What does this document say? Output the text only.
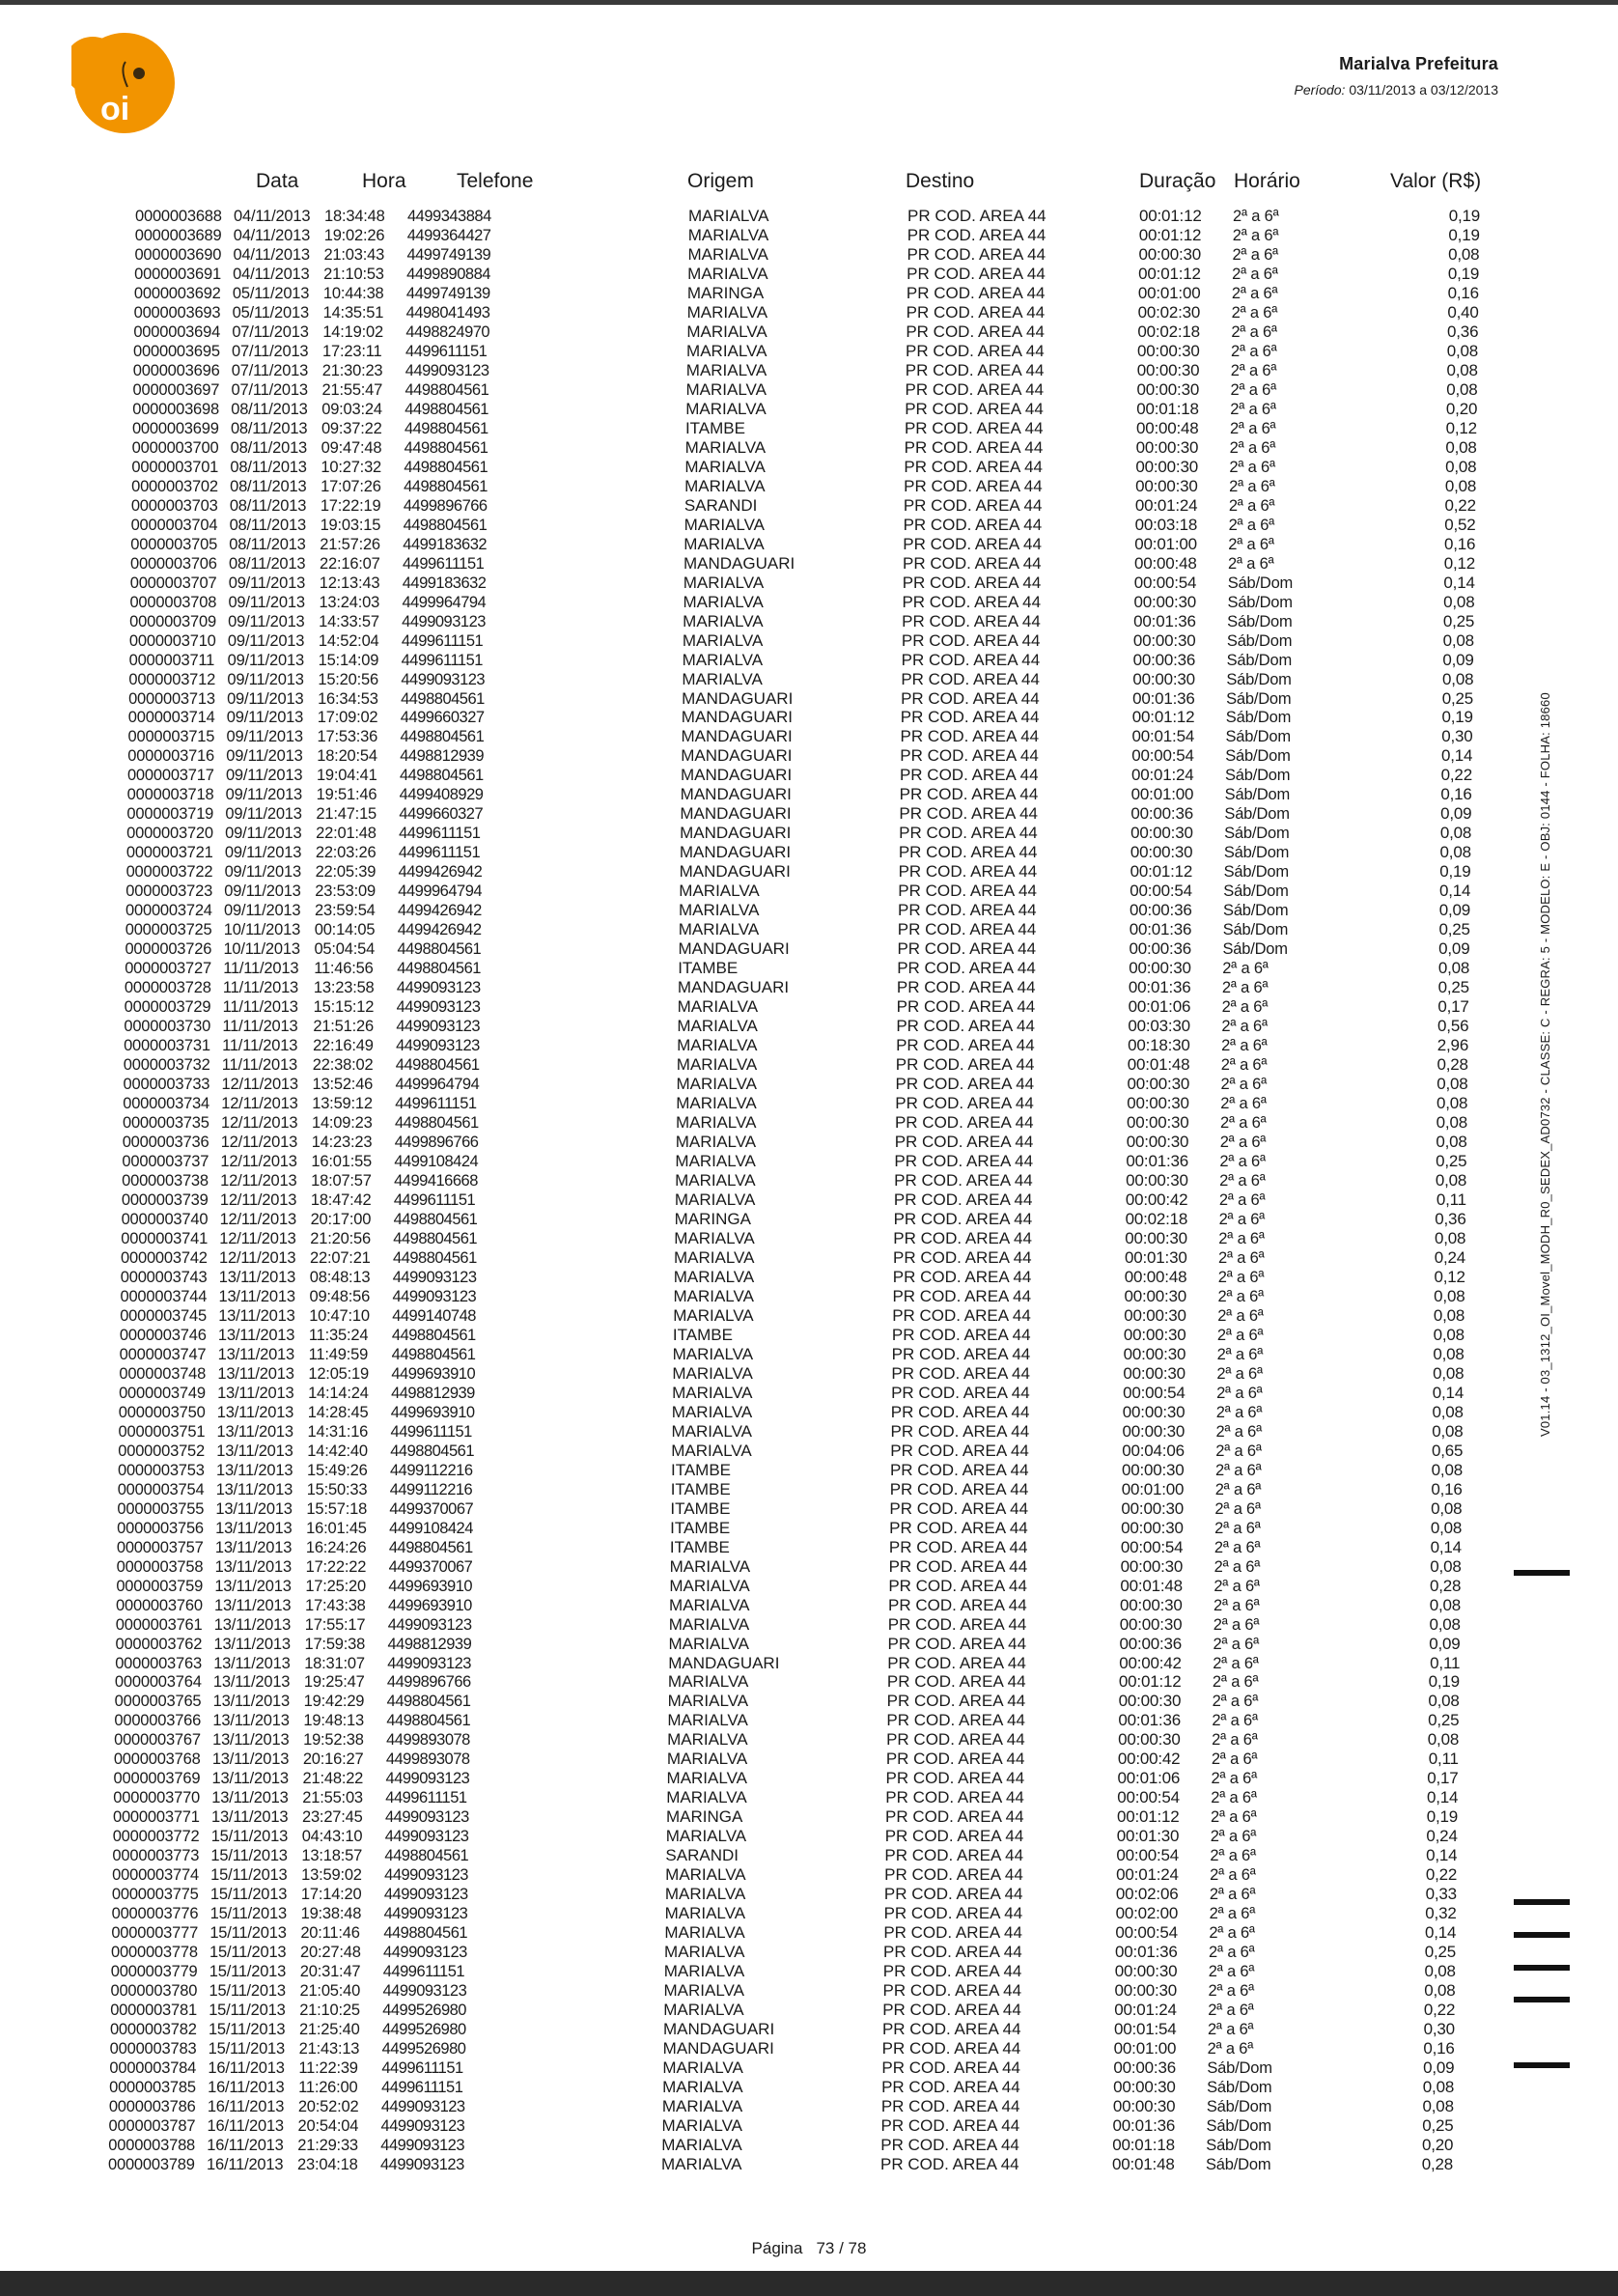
oi
Marialva Prefeitura
Período: 03/11/2013 a 03/12/2013
Data	Hora Telefone	Origem	Destino	Duração Horário	Valor (R$)
0000003688 04/11/2013 18:34:48 4499343884	MARIALVA	PR COD. AREA 44	00:01:12 2ª a 6ª	0,19
0000003689 04/11/2013 19:02:26 4499364427	MARIALVA	PR COD. AREA 44	00:01:12 2ª a 6ª	0,19
0000003690 04/11/2013 21:03:43 4499749139	MARIALVA	PR COD. AREA 44	00:00:30 2ª a 6ª	0,08
0000003691 04/11/2013 21:10:53 4499890884	MARIALVA	PR COD. AREA 44	00:01:12 2ª a 6ª	0,19
0000003692 05/11/2013 10:44:38 4499749139	MARINGA	PR COD. AREA 44	00:01:00 2ª a 6ª	0,16
0000003693 05/11/2013 14:35:51 4498041493	MARIALVA	PR COD. AREA 44	00:02:30 2ª a 6ª	0,40
0000003694 07/11/2013 14:19:02 4498824970	MARIALVA	PR COD. AREA 44	00:02:18 2ª a 6ª	0,36
0000003695 07/11/2013 17:23:11 4499611151	MARIALVA	PR COD. AREA 44	00:00:30 2ª a 6ª	0,08
0000003696 07/11/2013 21:30:23 4499093123	MARIALVA	PR COD. AREA 44	00:00:30 2ª a 6ª	0,08
0000003697 07/11/2013 21:55:47 4498804561	MARIALVA	PR COD. AREA 44	00:00:30 2ª a 6ª	0,08
0000003698 08/11/2013 09:03:24 4498804561	MARIALVA	PR COD. AREA 44	00:01:18 2ª a 6ª	0,20
0000003699 08/11/2013 09:37:22 4498804561	ITAMBE	PR COD. AREA 44	00:00:48 2ª a 6ª	0,12
0000003700 08/11/2013 09:47:48 4498804561	MARIALVA	PR COD. AREA 44	00:00:30 2ª a 6ª	0,08
0000003701 08/11/2013 10:27:32 4498804561	MARIALVA	PR COD. AREA 44	00:00:30 2ª a 6ª	0,08
0000003702 08/11/2013 17:07:26 4498804561	MARIALVA	PR COD. AREA 44	00:00:30 2ª a 6ª	0,08
0000003703 08/11/2013 17:22:19 4499896766	SARANDI	PR COD. AREA 44	00:01:24 2ª a 6ª	0,22
0000003704 08/11/2013 19:03:15 4498804561	MARIALVA	PR COD. AREA 44	00:03:18 2ª a 6ª	0,52
0000003705 08/11/2013 21:57:26 4499183632	MARIALVA	PR COD. AREA 44	00:01:00 2ª a 6ª	0,16
0000003706 08/11/2013 22:16:07 4499611151	MANDAGUARI	PR COD. AREA 44	00:00:48 2ª a 6ª	0,12
0000003707 09/11/2013 12:13:43 4499183632	MARIALVA	PR COD. AREA 44	00:00:54 Sáb/Dom	0,14
0000003708 09/11/2013 13:24:03 4499964794	MARIALVA	PR COD. AREA 44	00:00:30 Sáb/Dom	0,08
0000003709 09/11/2013 14:33:57 4499093123	MARIALVA	PR COD. AREA 44	00:01:36 Sáb/Dom	0,25
0000003710 09/11/2013 14:52:04 4499611151	MARIALVA	PR COD. AREA 44	00:00:30 Sáb/Dom	0,08
0000003711 09/11/2013 15:14:09 4499611151	MARIALVA	PR COD. AREA 44	00:00:36 Sáb/Dom	0,09
0000003712 09/11/2013 15:20:56 4499093123	MARIALVA	PR COD. AREA 44	00:00:30 Sáb/Dom	0,08
0000003713 09/11/2013 16:34:53 4498804561	MANDAGUARI	PR COD. AREA 44	00:01:36 Sáb/Dom	0,25
0000003714 09/11/2013 17:09:02 4499660327	MANDAGUARI	PR COD. AREA 44	00:01:12 Sáb/Dom	0,19
0000003715 09/11/2013 17:53:36 4498804561	MANDAGUARI	PR COD. AREA 44	00:01:54 Sáb/Dom	0,30
0000003716 09/11/2013 18:20:54 4498812939	MANDAGUARI	PR COD. AREA 44	00:00:54 Sáb/Dom	0,14
0000003717 09/11/2013 19:04:41 4498804561	MANDAGUARI	PR COD. AREA 44	00:01:24 Sáb/Dom	0,22
0000003718 09/11/2013 19:51:46 4499408929	MANDAGUARI	PR COD. AREA 44	00:01:00 Sáb/Dom	0,16
0000003719 09/11/2013 21:47:15 4499660327	MANDAGUARI	PR COD. AREA 44	00:00:36 Sáb/Dom	0,09
0000003720 09/11/2013 22:01:48 4499611151	MANDAGUARI	PR COD. AREA 44	00:00:30 Sáb/Dom	0,08
0000003721 09/11/2013 22:03:26 4499611151	MANDAGUARI	PR COD. AREA 44	00:00:30 Sáb/Dom	0,08
0000003722 09/11/2013 22:05:39 4499426942	MANDAGUARI	PR COD. AREA 44	00:01:12 Sáb/Dom	0,19
0000003723 09/11/2013 23:53:09 4499964794	MARIALVA	PR COD. AREA 44	00:00:54 Sáb/Dom	0,14
0000003724 09/11/2013 23:59:54 4499426942	MARIALVA	PR COD. AREA 44	00:00:36 Sáb/Dom	0,09
0000003725 10/11/2013 00:14:05 4499426942	MARIALVA	PR COD. AREA 44	00:01:36 Sáb/Dom	0,25
0000003726 10/11/2013 05:04:54 4498804561	MANDAGUARI	PR COD. AREA 44	00:00:36 Sáb/Dom	0,09
0000003727 11/11/2013 11:46:56 4498804561	ITAMBE	PR COD. AREA 44	00:00:30 2ª a 6ª	0,08
0000003728 11/11/2013 13:23:58 4499093123	MANDAGUARI	PR COD. AREA 44	00:01:36 2ª a 6ª	0,25
0000003729 11/11/2013 15:15:12 4499093123	MARIALVA	PR COD. AREA 44	00:01:06 2ª a 6ª	0,17
0000003730 11/11/2013 21:51:26 4499093123	MARIALVA	PR COD. AREA 44	00:03:30 2ª a 6ª	0,56
0000003731 11/11/2013 22:16:49 4499093123	MARIALVA	PR COD. AREA 44	00:18:30 2ª a 6ª	2,96
0000003732 11/11/2013 22:38:02 4498804561	MARIALVA	PR COD. AREA 44	00:01:48 2ª a 6ª	0,28
0000003733 12/11/2013 13:52:46 4499964794	MARIALVA	PR COD. AREA 44	00:00:30 2ª a 6ª	0,08
0000003734 12/11/2013 13:59:12 4499611151	MARIALVA	PR COD. AREA 44	00:00:30 2ª a 6ª	0,08
0000003735 12/11/2013 14:09:23 4498804561	MARIALVA	PR COD. AREA 44	00:00:30 2ª a 6ª	0,08
0000003736 12/11/2013 14:23:23 4499896766	MARIALVA	PR COD. AREA 44	00:00:30 2ª a 6ª	0,08
0000003737 12/11/2013 16:01:55 4499108424	MARIALVA	PR COD. AREA 44	00:01:36 2ª a 6ª	0,25
0000003738 12/11/2013 18:07:57 4499416668	MARIALVA	PR COD. AREA 44	00:00:30 2ª a 6ª	0,08
0000003739 12/11/2013 18:47:42 4499611151	MARIALVA	PR COD. AREA 44	00:00:42 2ª a 6ª	0,11
0000003740 12/11/2013 20:17:00 4498804561	MARINGA	PR COD. AREA 44	00:02:18 2ª a 6ª	0,36
0000003741 12/11/2013 21:20:56 4498804561	MARIALVA	PR COD. AREA 44	00:00:30 2ª a 6ª	0,08
0000003742 12/11/2013 22:07:21 4498804561	MARIALVA	PR COD. AREA 44	00:01:30 2ª a 6ª	0,24
0000003743 13/11/2013 08:48:13 4499093123	MARIALVA	PR COD. AREA 44	00:00:48 2ª a 6ª	0,12
0000003744 13/11/2013 09:48:56 4499093123	MARIALVA	PR COD. AREA 44	00:00:30 2ª a 6ª	0,08
0000003745 13/11/2013 10:47:10 4499140748	MARIALVA	PR COD. AREA 44	00:00:30 2ª a 6ª	0,08
0000003746 13/11/2013 11:35:24 4498804561	ITAMBE	PR COD. AREA 44	00:00:30 2ª a 6ª	0,08
0000003747 13/11/2013 11:49:59 4498804561	MARIALVA	PR COD. AREA 44	00:00:30 2ª a 6ª	0,08
0000003748 13/11/2013 12:05:19 4499693910	MARIALVA	PR COD. AREA 44	00:00:30 2ª a 6ª	0,08
0000003749 13/11/2013 14:14:24 4498812939	MARIALVA	PR COD. AREA 44	00:00:54 2ª a 6ª	0,14
0000003750 13/11/2013 14:28:45 4499693910	MARIALVA	PR COD. AREA 44	00:00:30 2ª a 6ª	0,08
0000003751 13/11/2013 14:31:16 4499611151	MARIALVA	PR COD. AREA 44	00:00:30 2ª a 6ª	0,08
0000003752 13/11/2013 14:42:40 4498804561	MARIALVA	PR COD. AREA 44	00:04:06 2ª a 6ª	0,65
0000003753 13/11/2013 15:49:26 4499112216	ITAMBE	PR COD. AREA 44	00:00:30 2ª a 6ª	0,08
0000003754 13/11/2013 15:50:33 4499112216	ITAMBE	PR COD. AREA 44	00:01:00 2ª a 6ª	0,16
0000003755 13/11/2013 15:57:18 4499370067	ITAMBE	PR COD. AREA 44	00:00:30 2ª a 6ª	0,08
0000003756 13/11/2013 16:01:45 4499108424	ITAMBE	PR COD. AREA 44	00:00:30 2ª a 6ª	0,08
0000003757 13/11/2013 16:24:26 4498804561	ITAMBE	PR COD. AREA 44	00:00:54 2ª a 6ª	0,14
0000003758 13/11/2013 17:22:22 4499370067	MARIALVA	PR COD. AREA 44	00:00:30 2ª a 6ª	0,08
0000003759 13/11/2013 17:25:20 4499693910	MARIALVA	PR COD. AREA 44	00:01:48 2ª a 6ª	0,28
0000003760 13/11/2013 17:43:38 4499693910	MARIALVA	PR COD. AREA 44	00:00:30 2ª a 6ª	0,08
0000003761 13/11/2013 17:55:17 4499093123	MARIALVA	PR COD. AREA 44	00:00:30 2ª a 6ª	0,08
0000003762 13/11/2013 17:59:38 4498812939	MARIALVA	PR COD. AREA 44	00:00:36 2ª a 6ª	0,09
0000003763 13/11/2013 18:31:07 4499093123	MANDAGUARI	PR COD. AREA 44	00:00:42 2ª a 6ª	0,11
0000003764 13/11/2013 19:25:47 4499896766	MARIALVA	PR COD. AREA 44	00:01:12 2ª a 6ª	0,19
0000003765 13/11/2013 19:42:29 4498804561	MARIALVA	PR COD. AREA 44	00:00:30 2ª a 6ª	0,08
0000003766 13/11/2013 19:48:13 4498804561	MARIALVA	PR COD. AREA 44	00:01:36 2ª a 6ª	0,25
0000003767 13/11/2013 19:52:38 4499893078	MARIALVA	PR COD. AREA 44	00:00:30 2ª a 6ª	0,08
0000003768 13/11/2013 20:16:27 4499893078	MARIALVA	PR COD. AREA 44	00:00:42 2ª a 6ª	0,11
0000003769 13/11/2013 21:48:22 4499093123	MARIALVA	PR COD. AREA 44	00:01:06 2ª a 6ª	0,17
0000003770 13/11/2013 21:55:03 4499611151	MARIALVA	PR COD. AREA 44	00:00:54 2ª a 6ª	0,14
0000003771 13/11/2013 23:27:45 4499093123	MARINGA	PR COD. AREA 44	00:01:12 2ª a 6ª	0,19
0000003772 15/11/2013 04:43:10 4499093123	MARIALVA	PR COD. AREA 44	00:01:30 2ª a 6ª	0,24
0000003773 15/11/2013 13:18:57 4498804561	SARANDI	PR COD. AREA 44	00:00:54 2ª a 6ª	0,14
0000003774 15/11/2013 13:59:02 4499093123	MARIALVA	PR COD. AREA 44	00:01:24 2ª a 6ª	0,22
0000003775 15/11/2013 17:14:20 4499093123	MARIALVA	PR COD. AREA 44	00:02:06 2ª a 6ª	0,33
0000003776 15/11/2013 19:38:48 4499093123	MARIALVA	PR COD. AREA 44	00:02:00 2ª a 6ª	0,32
0000003777 15/11/2013 20:11:46 4498804561	MARIALVA	PR COD. AREA 44	00:00:54 2ª a 6ª	0,14
0000003778 15/11/2013 20:27:48 4499093123	MARIALVA	PR COD. AREA 44	00:01:36 2ª a 6ª	0,25
0000003779 15/11/2013 20:31:47 4499611151	MARIALVA	PR COD. AREA 44	00:00:30 2ª a 6ª	0,08
0000003780 15/11/2013 21:05:40 4499093123	MARIALVA	PR COD. AREA 44	00:00:30 2ª a 6ª	0,08
0000003781 15/11/2013 21:10:25 4499526980	MARIALVA	PR COD. AREA 44	00:01:24 2ª a 6ª	0,22
0000003782 15/11/2013 21:25:40 4499526980	MANDAGUARI	PR COD. AREA 44	00:01:54 2ª a 6ª	0,30
0000003783 15/11/2013 21:43:13 4499526980	MANDAGUARI	PR COD. AREA 44	00:01:00 2ª a 6ª	0,16
0000003784 16/11/2013 11:22:39 4499611151	MARIALVA	PR COD. AREA 44	00:00:36 Sáb/Dom	0,09
0000003785 16/11/2013 11:26:00 4499611151	MARIALVA	PR COD. AREA 44	00:00:30 Sáb/Dom	0,08
0000003786 16/11/2013 20:52:02 4499093123	MARIALVA	PR COD. AREA 44	00:00:30 Sáb/Dom	0,08
0000003787 16/11/2013 20:54:04 4499093123	MARIALVA	PR COD. AREA 44	00:01:36 Sáb/Dom	0,25
0000003788 16/11/2013 21:29:33 4499093123	MARIALVA	PR COD. AREA 44	00:01:18 Sáb/Dom	0,20
0000003789 16/11/2013 23:04:18 4499093123	MARIALVA	PR COD. AREA 44	00:01:48 Sáb/Dom	0,28
V01.14 - 03_1312_OI_Movel_MODH_R0_SEDEX_AD0732 - CLASSE: C - REGRA: 5 - MODELO: E - OBJ: 0144 - FOLHA: 18660
Página 73 / 78
